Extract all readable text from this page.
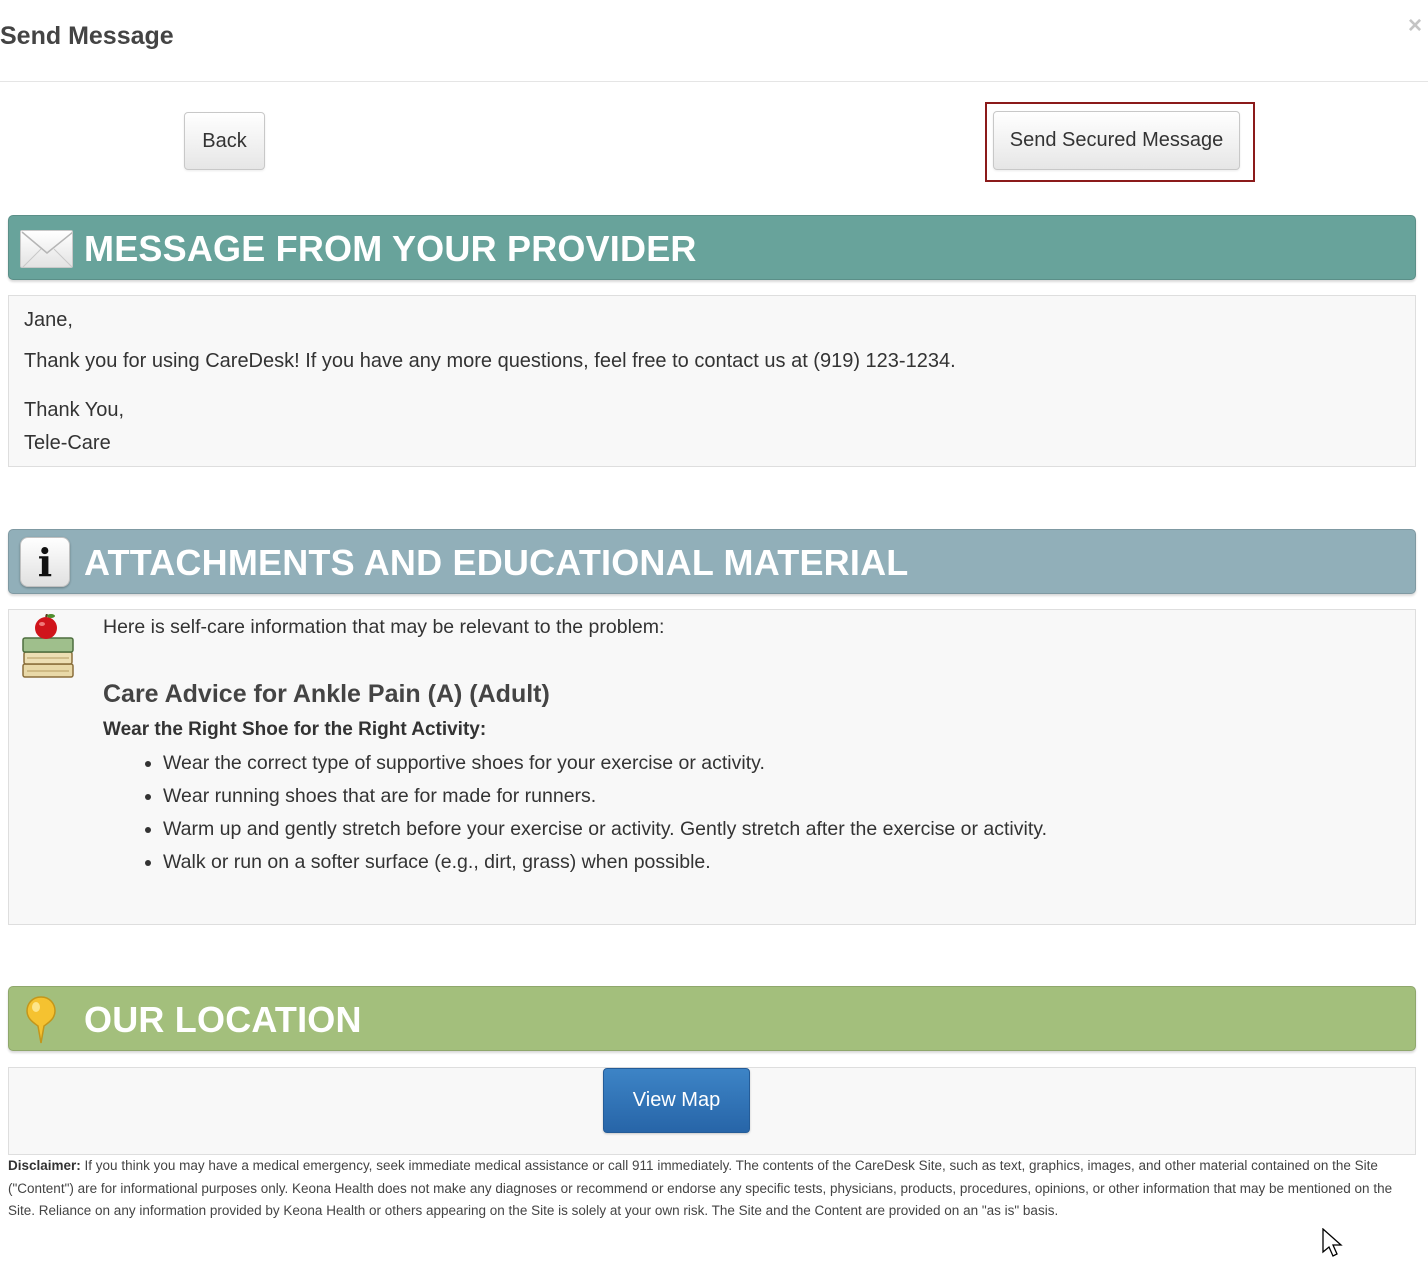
Send Message	×
Back	Send Secured Message
MESSAGE FROM YOUR PROVIDER
Jane,
Thank you for using CareDesk! If you have any more questions, feel free to contact us at (919) 123-1234.
Thank You,
Tele-Care
i ATTACHMENTS AND EDUCATIONAL MATERIAL
Here is self-care information that may be relevant to the problem:
Care Advice for Ankle Pain (A) (Adult)
Wear the Right Shoe for the Right Activity:
• Wear the correct type of supportive shoes for your exercise or activity.
• Wear running shoes that are for made for runners.
• Warm up and gently stretch before your exercise or activity. Gently stretch after the exercise or activity.
• Walk or run on a softer surface (e.g., dirt, grass) when possible.
OUR LOCATION
View Map
Disclaimer: If you think you may have a medical emergency, seek immediate medical assistance or call 911 immediately. The contents of the CareDesk Site, such as text, graphics, images, and other material contained on the Site ("Content") are for informational purposes only. Keona Health does not make any diagnoses or recommend or endorse any specific tests, physicians, products, procedures, opinions, or other information that may be mentioned on the Site. Reliance on any information provided by Keona Health or others appearing on the Site is solely at your own risk. The Site and the Content are provided on an "as is" basis.
